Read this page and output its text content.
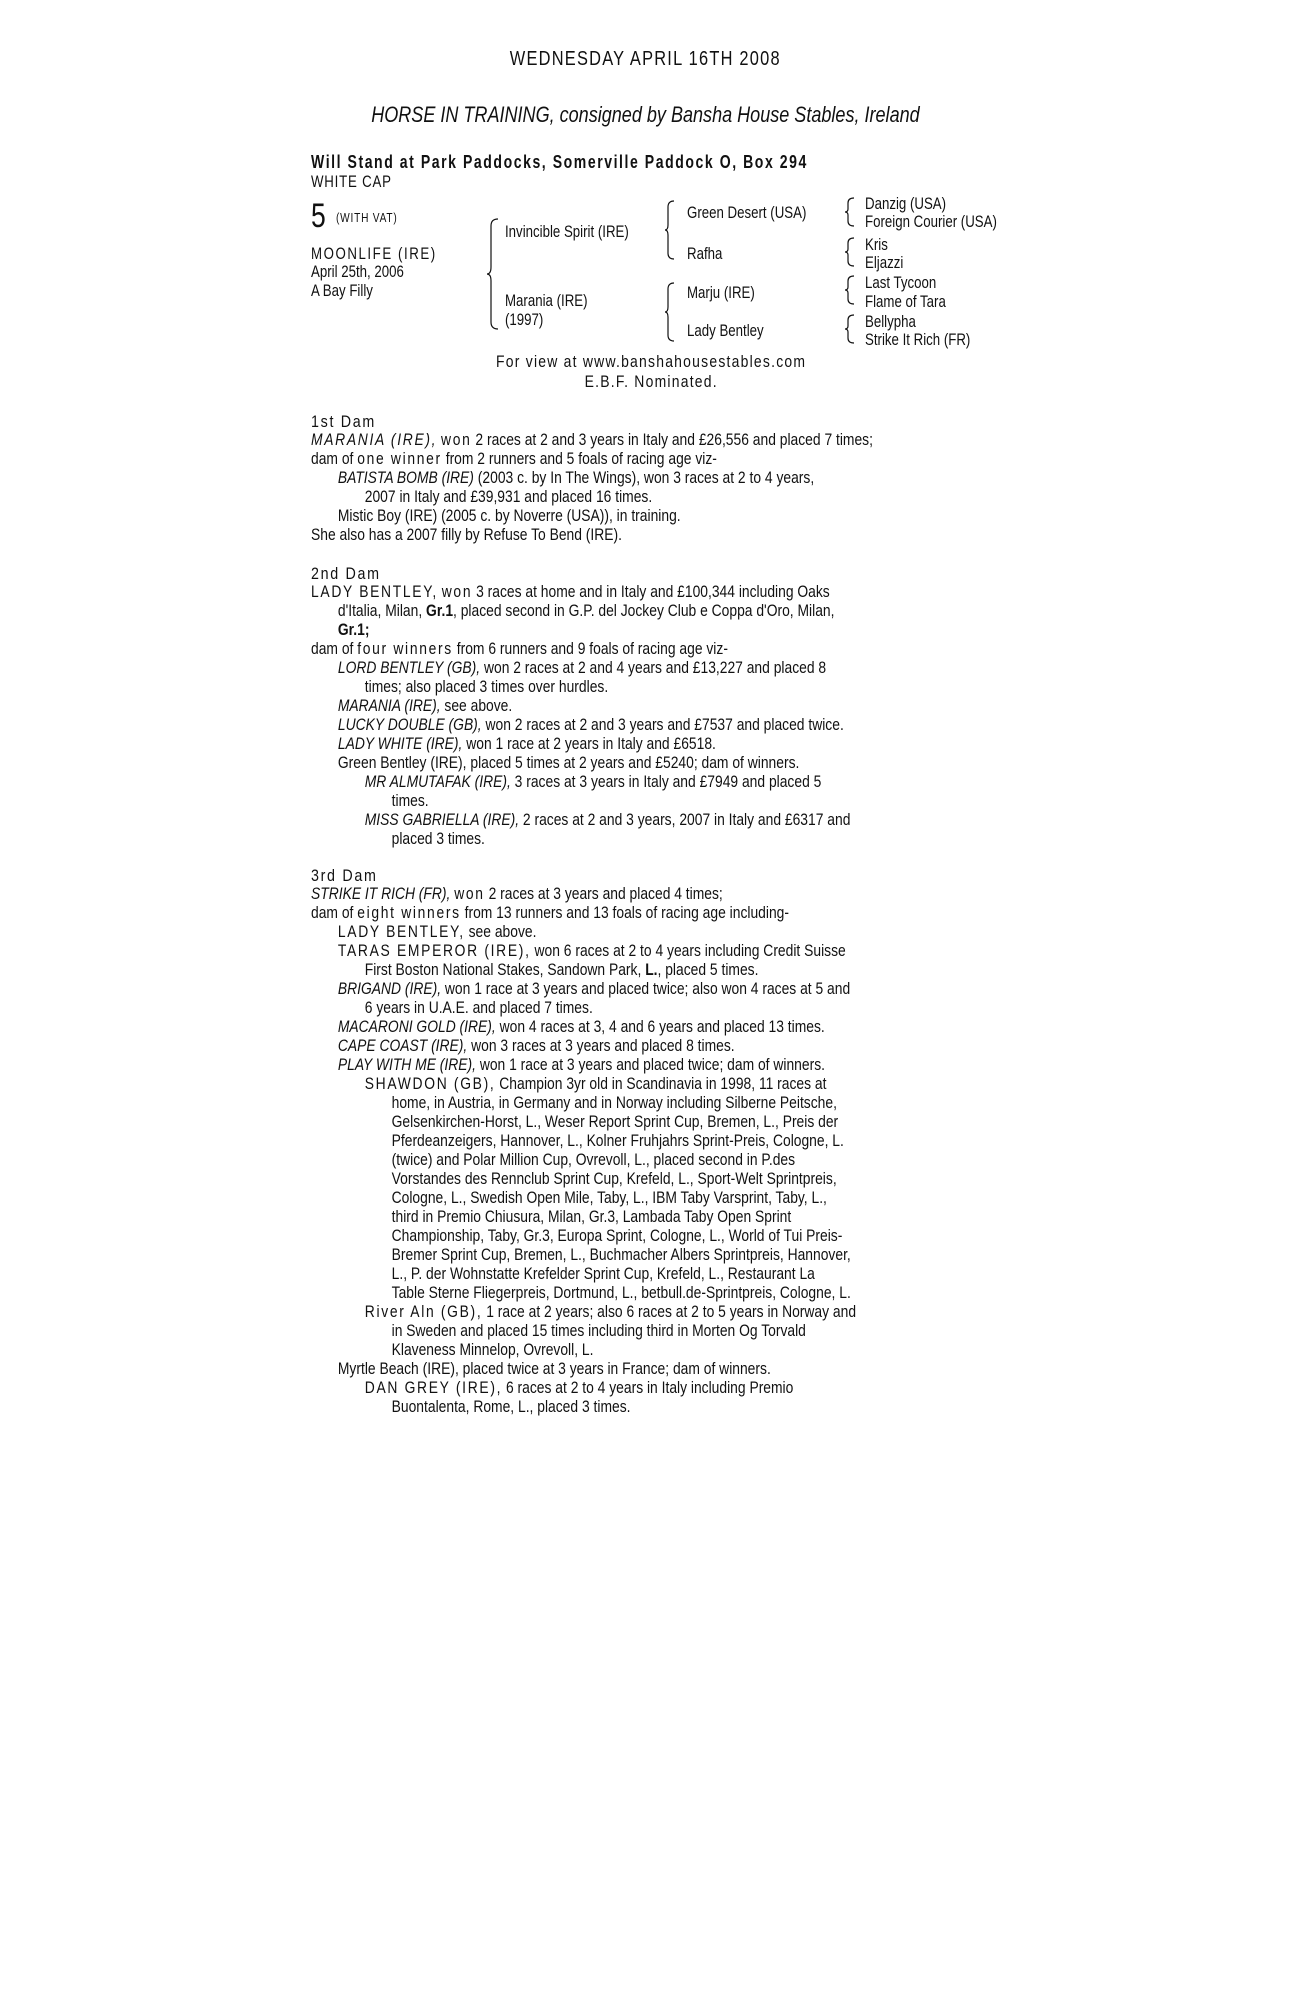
WEDNESDAY APRIL 16TH 2008
HORSE IN TRAINING, consigned by Bansha House Stables, Ireland
Will Stand at Park Paddocks, Somerville Paddock O, Box 294
WHITE CAP
5 (WITH VAT)
MOONLIFE (IRE)
April 25th, 2006
A Bay Filly
Invincible Spirit (IRE)
Marania (IRE)
(1997)
Green Desert (USA)
Rafha
Marju (IRE)
Lady Bentley
Danzig (USA)
Foreign Courier (USA)
Kris
Eljazzi
Last Tycoon
Flame of Tara
Bellypha
Strike It Rich (FR)
For view at www.banshahousestables.com
E.B.F. Nominated.
1st Dam
MARANIA (IRE), won 2 races at 2 and 3 years in Italy and £26,556 and placed 7 times;
dam of one winner from 2 runners and 5 foals of racing age viz-
BATISTA BOMB (IRE) (2003 c. by In The Wings), won 3 races at 2 to 4 years,
2007 in Italy and £39,931 and placed 16 times.
Mistic Boy (IRE) (2005 c. by Noverre (USA)), in training.
She also has a 2007 filly by Refuse To Bend (IRE).
2nd Dam
LADY BENTLEY, won 3 races at home and in Italy and £100,344 including Oaks
d'Italia, Milan, Gr.1, placed second in G.P. del Jockey Club e Coppa d'Oro, Milan,
Gr.1;
dam of four winners from 6 runners and 9 foals of racing age viz-
LORD BENTLEY (GB), won 2 races at 2 and 4 years and £13,227 and placed 8
times; also placed 3 times over hurdles.
MARANIA (IRE), see above.
LUCKY DOUBLE (GB), won 2 races at 2 and 3 years and £7537 and placed twice.
LADY WHITE (IRE), won 1 race at 2 years in Italy and £6518.
Green Bentley (IRE), placed 5 times at 2 years and £5240; dam of winners.
MR ALMUTAFAK (IRE), 3 races at 3 years in Italy and £7949 and placed 5
times.
MISS GABRIELLA (IRE), 2 races at 2 and 3 years, 2007 in Italy and £6317 and
placed 3 times.
3rd Dam
STRIKE IT RICH (FR), won 2 races at 3 years and placed 4 times;
dam of eight winners from 13 runners and 13 foals of racing age including-
LADY BENTLEY, see above.
TARAS EMPEROR (IRE), won 6 races at 2 to 4 years including Credit Suisse
First Boston National Stakes, Sandown Park, L., placed 5 times.
BRIGAND (IRE), won 1 race at 3 years and placed twice; also won 4 races at 5 and
6 years in U.A.E. and placed 7 times.
MACARONI GOLD (IRE), won 4 races at 3, 4 and 6 years and placed 13 times.
CAPE COAST (IRE), won 3 races at 3 years and placed 8 times.
PLAY WITH ME (IRE), won 1 race at 3 years and placed twice; dam of winners.
SHAWDON (GB), Champion 3yr old in Scandinavia in 1998, 11 races at
home, in Austria, in Germany and in Norway including Silberne Peitsche,
Gelsenkirchen-Horst, L., Weser Report Sprint Cup, Bremen, L., Preis der
Pferdeanzeigers, Hannover, L., Kolner Fruhjahrs Sprint-Preis, Cologne, L.
(twice) and Polar Million Cup, Ovrevoll, L., placed second in P.des
Vorstandes des Rennclub Sprint Cup, Krefeld, L., Sport-Welt Sprintpreis,
Cologne, L., Swedish Open Mile, Taby, L., IBM Taby Varsprint, Taby, L.,
third in Premio Chiusura, Milan, Gr.3, Lambada Taby Open Sprint
Championship, Taby, Gr.3, Europa Sprint, Cologne, L., World of Tui Preis-
Bremer Sprint Cup, Bremen, L., Buchmacher Albers Sprintpreis, Hannover,
L., P. der Wohnstatte Krefelder Sprint Cup, Krefeld, L., Restaurant La
Table Sterne Fliegerpreis, Dortmund, L., betbull.de-Sprintpreis, Cologne, L.
River Aln (GB), 1 race at 2 years; also 6 races at 2 to 5 years in Norway and
in Sweden and placed 15 times including third in Morten Og Torvald
Klaveness Minnelop, Ovrevoll, L.
Myrtle Beach (IRE), placed twice at 3 years in France; dam of winners.
DAN GREY (IRE), 6 races at 2 to 4 years in Italy including Premio
Buontalenta, Rome, L., placed 3 times.
